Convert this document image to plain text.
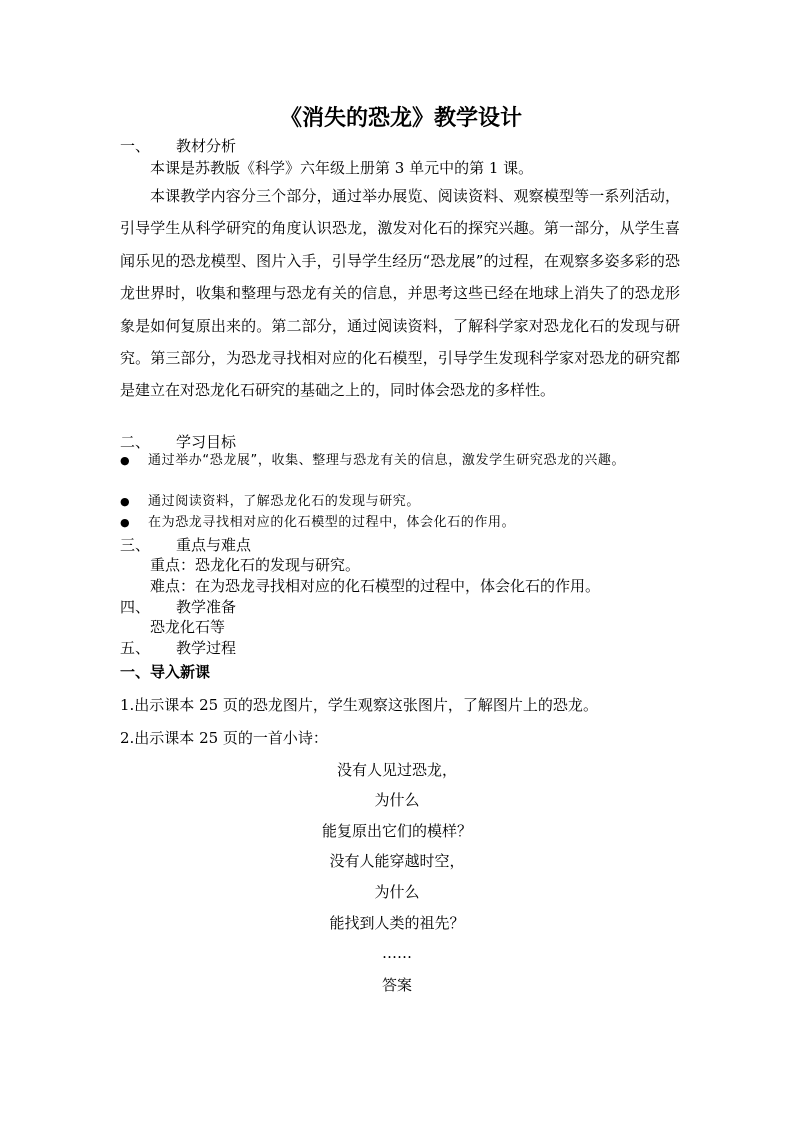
《消失的恐龙》教学设计
一、 教材分析
本课是苏教版《科学》六年级上册第 3 单元中的第 1 课。

本课教学内容分三个部分，通过举办展览、阅读资料、观察模型等一系列活动，引导学生从科学研究的角度认识恐龙，激发对化石的探究兴趣。第一部分，从学生喜闻乐见的恐龙模型、图片入手，引导学生经历“恐龙展”的过程，在观察多姿多彩的恐龙世界时，收集和整理与恐龙有关的信息，并思考这些已经在地球上消失了的恐龙形象是如何复原出来的。第二部分，通过阅读资料，了解科学家对恐龙化石的发现与研究。第三部分，为恐龙寻找相对应的化石模型，引导学生发现科学家对恐龙的研究都是建立在对恐龙化石研究的基础之上的，同时体会恐龙的多样性。

二、 学习目标
●	通过举办“恐龙展”，收集、整理与恐龙有关的信息，激发学生研究恐龙的兴趣。
●	通过阅读资料，了解恐龙化石的发现与研究。
●	在为恐龙寻找相对应的化石模型的过程中，体会化石的作用。
三、 重点与难点
重点：恐龙化石的发现与研究。
难点：在为恐龙寻找相对应的化石模型的过程中，体会化石的作用。
四、 教学准备
恐龙化石等
五、 教学过程
一、导入新课
1.出示课本 25 页的恐龙图片，学生观察这张图片，了解图片上的恐龙。
2.出示课本 25 页的一首小诗：
没有人见过恐龙，
为什么
能复原出它们的模样？
没有人能穿越时空，
为什么
能找到人类的祖先？
……
答案
